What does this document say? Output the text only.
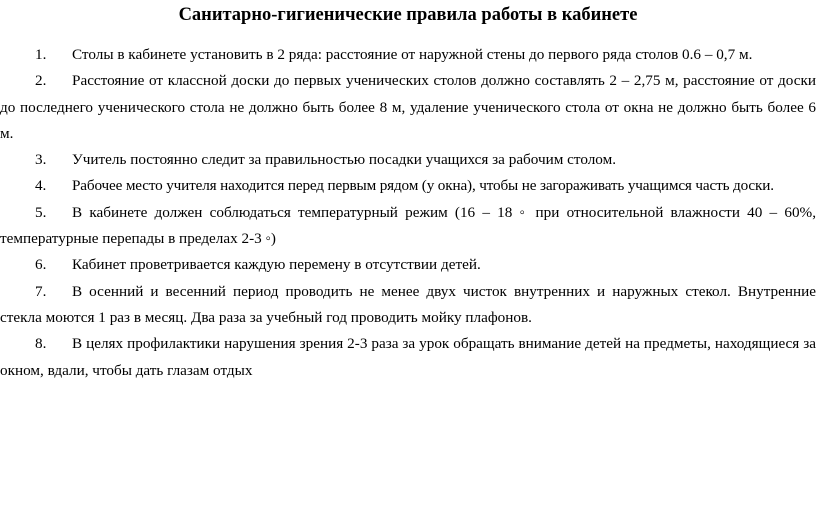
Санитарно-гигиенические правила работы в кабинете
1. Столы в кабинете установить в 2 ряда: расстояние от наружной стены до первого ряда столов 0.6 – 0,7 м.
2. Расстояние от классной доски до первых ученических столов должно составлять 2 – 2,75 м, расстояние от доски до последнего ученического стола не должно быть более 8 м, удаление ученического стола от окна не должно быть более 6 м.
3. Учитель постоянно следит за правильностью посадки учащихся за рабочим столом.
4. Рабочее место учителя находится перед первым рядом (у окна), чтобы не загораживать учащимся часть доски.
5. В кабинете должен соблюдаться температурный режим (16 – 18 ◦ при относительной влажности 40 – 60%, температурные перепады в пределах 2-3 ◦)
6. Кабинет проветривается каждую перемену в отсутствии детей.
7. В осенний и весенний период проводить не менее двух чисток внутренних и наружных стекол. Внутренние стекла моются 1 раз в месяц. Два раза за учебный год проводить мойку плафонов.
8. В целях профилактики нарушения зрения 2-3 раза за урок обращать внимание детей на предметы, находящиеся за окном, вдали, чтобы дать глазам отдых
